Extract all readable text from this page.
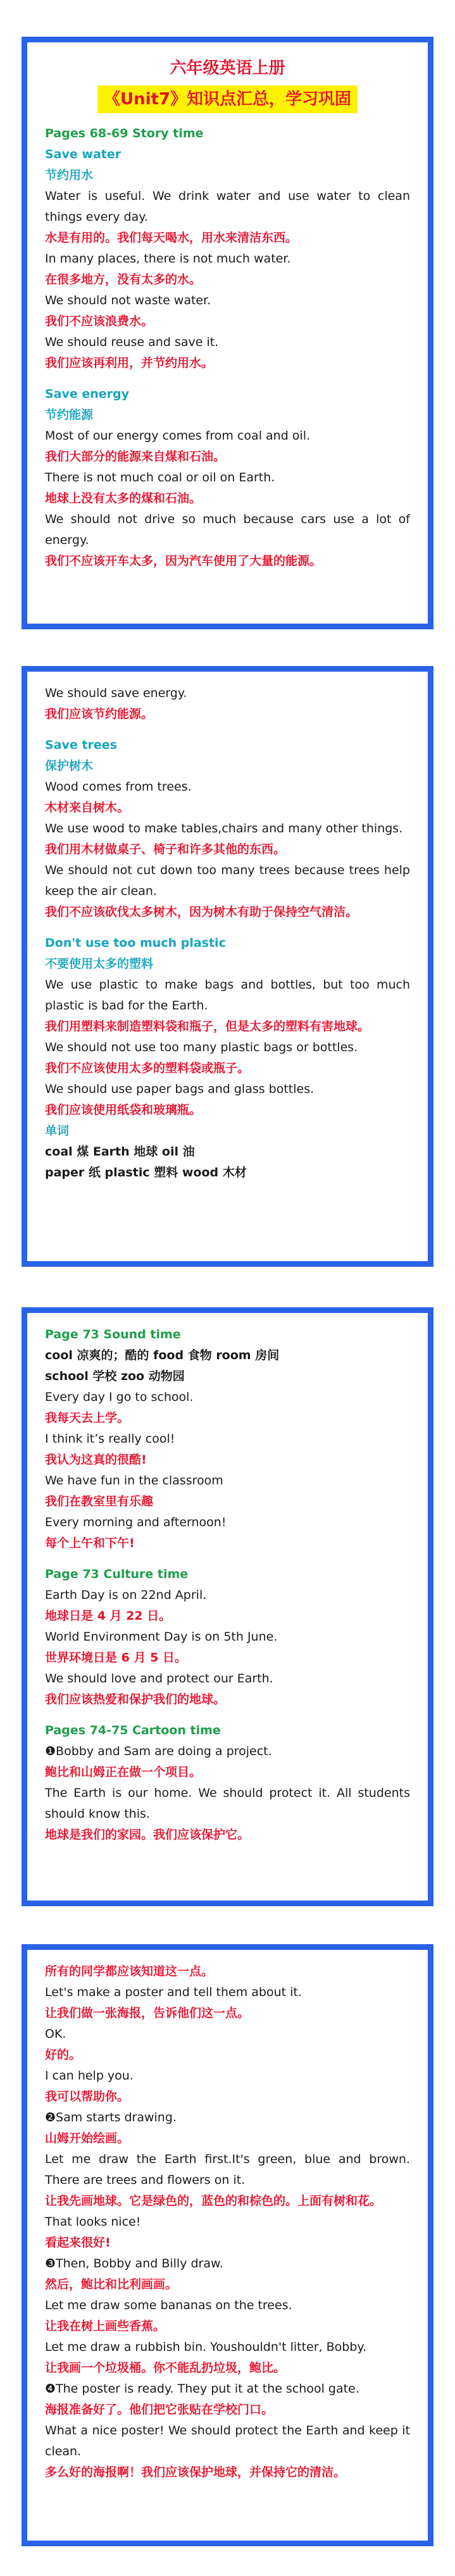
六年级英语上册
《Unit7》知识点汇总，学习巩固

Pages 68-69 Story time

Save water

节约用水

Water is useful. We drink water and use water to clean things every day.

水是有用的。我们每天喝水，用水来清洁东西。

In many places, there is not much water.

在很多地方，没有太多的水。

We should not waste water.

我们不应该浪费水。

We should reuse and save it.

我们应该再利用，并节约用水。

Save energy

节约能源

Most of our energy comes from coal and oil.

我们大部分的能源来自煤和石油。

There is not much coal or oil on Earth.

地球上没有太多的煤和石油。

We should not drive so much because cars use a lot of energy.

我们不应该开车太多，因为汽车使用了大量的能源。

We should save energy.

我们应该节约能源。

Save trees

保护树木

Wood comes from trees.

木材来自树木。

We use wood to make tables,chairs and many other things.

我们用木材做桌子、椅子和许多其他的东西。

We should not cut down too many trees because trees help keep the air clean.

我们不应该砍伐太多树木，因为树木有助于保持空气清洁。

Don't use too much plastic

不要使用太多的塑料

We use plastic to make bags and bottles, but too much plastic is bad for the Earth.

我们用塑料来制造塑料袋和瓶子，但是太多的塑料有害地球。

We should not use too many plastic bags or bottles.

我们不应该使用太多的塑料袋或瓶子。

We should use paper bags and glass bottles.

我们应该使用纸袋和玻璃瓶。

单词

coal 煤 Earth 地球 oil 油

paper 纸 plastic 塑料 wood 木材

Page 73 Sound time

cool 凉爽的；酷的 food 食物 room 房间

school 学校 zoo 动物园

Every day I go to school.

我每天去上学。

I think it’s really cool!

我认为这真的很酷!

We have fun in the classroom

我们在教室里有乐趣

Every morning and afternoon!

每个上午和下午!

Page 73 Culture time

Earth Day is on 22nd April.

地球日是 4 月 22 日。

World Environment Day is on 5th June.

世界环境日是 6 月 5 日。

We should love and protect our Earth.

我们应该热爱和保护我们的地球。

Pages 74-75 Cartoon time

❶Bobby and Sam are doing a project.

鲍比和山姆正在做一个项目。

The Earth is our home. We should protect it. All students should know this.

地球是我们的家园。我们应该保护它。

所有的同学都应该知道这一点。

Let's make a poster and tell them about it.

让我们做一张海报，告诉他们这一点。

OK.

好的。

I can help you.

我可以帮助你。

❷Sam starts drawing.

山姆开始绘画。

Let me draw the Earth first.It's green, blue and brown. There are trees and flowers on it.

让我先画地球。它是绿色的，蓝色的和棕色的。上面有树和花。

That looks nice!

看起来很好!

❸Then, Bobby and Billy draw.

然后，鲍比和比利画画。

Let me draw some bananas on the trees.

让我在树上画些香蕉。

Let me draw a rubbish bin. Youshouldn't litter, Bobby.

让我画一个垃圾桶。你不能乱扔垃圾，鲍比。

❹The poster is ready. They put it at the school gate.

海报准备好了。他们把它张贴在学校门口。

What a nice poster! We should protect the Earth and keep it clean.

多么好的海报啊！我们应该保护地球，并保持它的清洁。
